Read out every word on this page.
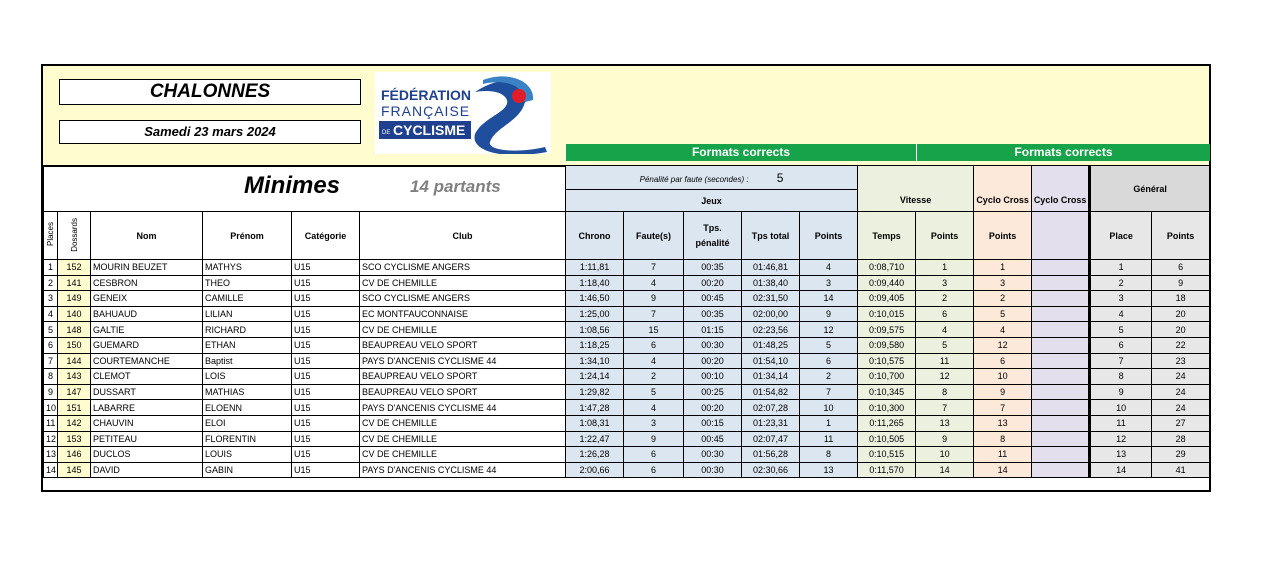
CHALONNES
Samedi 23 mars 2024
FÉDÉRATION
FRANÇAISE
DE CYCLISME
Formats corrects	Formats corrects
Minimes 14 partants						Pénalité par faute (secondes) : 5									Général	
						Jeux					Vitesse		Cyclo Cross	Cyclo Cross		
Places	Dossards	Nom	Prénom	Catégorie	Club	Chrono	Faute(s)	Tps. pénalité	Tps total	Points	Temps	Points	Points		Place	Points
1	152	MOURIN BEUZET	MATHYS	U15	SCO CYCLISME ANGERS	1:11,81	7	00:35	01:46,81	4	0:08,710	1	1		1	6
2	141	CESBRON	THEO	U15	CV DE CHEMILLE	1:18,40	4	00:20	01:38,40	3	0:09,440	3	3		2	9
3	149	GENEIX	CAMILLE	U15	SCO CYCLISME ANGERS	1:46,50	9	00:45	02:31,50	14	0:09,405	2	2		3	18
4	140	BAHUAUD	LILIAN	U15	EC MONTFAUCONNAISE	1:25,00	7	00:35	02:00,00	9	0:10,015	6	5		4	20
5	148	GALTIE	RICHARD	U15	CV DE CHEMILLE	1:08,56	15	01:15	02:23,56	12	0:09,575	4	4		5	20
6	150	GUEMARD	ETHAN	U15	BEAUPREAU VELO SPORT	1:18,25	6	00:30	01:48,25	5	0:09,580	5	12		6	22
7	144	COURTEMANCHE	Baptist	U15	PAYS D'ANCENIS CYCLISME 44	1:34,10	4	00:20	01:54,10	6	0:10,575	11	6		7	23
8	143	CLEMOT	LOIS	U15	BEAUPREAU VELO SPORT	1:24,14	2	00:10	01:34,14	2	0:10,700	12	10		8	24
9	147	DUSSART	MATHIAS	U15	BEAUPREAU VELO SPORT	1:29,82	5	00:25	01:54,82	7	0:10,345	8	9		9	24
10	151	LABARRE	ELOENN	U15	PAYS D'ANCENIS CYCLISME 44	1:47,28	4	00:20	02:07,28	10	0:10,300	7	7		10	24
11	142	CHAUVIN	ELOI	U15	CV DE CHEMILLE	1:08,31	3	00:15	01:23,31	1	0:11,265	13	13		11	27
12	153	PETITEAU	FLORENTIN	U15	CV DE CHEMILLE	1:22,47	9	00:45	02:07,47	11	0:10,505	9	8		12	28
13	146	DUCLOS	LOUIS	U15	CV DE CHEMILLE	1:26,28	6	00:30	01:56,28	8	0:10,515	10	11		13	29
14	145	DAVID	GABIN	U15	PAYS D'ANCENIS CYCLISME 44	2:00,66	6	00:30	02:30,66	13	0:11,570	14	14		14	41
